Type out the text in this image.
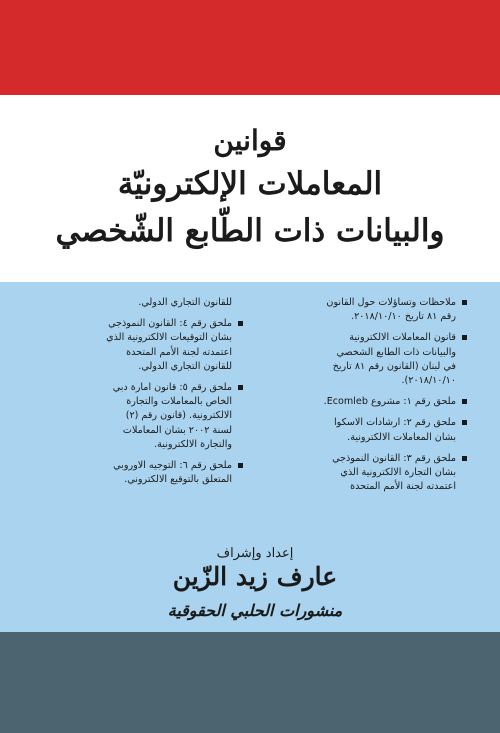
قوانين
المعاملات الإلكترونيّة
والبيانات ذات الطّابع الشّخصي
ملاحظات وتساؤلات حول القانون
رقم ٨١ تاريخ ٢٠١٨/١٠/١٠.
قانون المعاملات الالكترونية
والبيانات ذات الطابع الشخصي
في لبنان (القانون رقم ٨١ تاريخ
٢٠١٨/١٠/١٠).
ملحق رقم ١: مشروع Ecomleb.
ملحق رقم ٢: ارشادات الاسكوا
بشان المعاملات الالكترونية.
ملحق رقم ٣: القانون النموذجي
بشان التجارة الالكترونية الذي
اعتمدته لجنة الأمم المتحدة
للقانون التجاري الدولي.
ملحق رقم ٤: القانون النموذجي
بشان التوقيعات الالكترونية الذي
اعتمدته لجنة الأمم المتحدة
للقانون التجاري الدولي.
ملحق رقم ٥: قانون امارة دبي
الخاص بالمعاملات والتجارة
الالكترونية. (قانون رقم (٢)
لسنة ٢٠٠٢ بشان المعاملات
والتجارة الالكترونية.
ملحق رقم ٦: التوجيه الاوروبي
المتعلق بالتوقيع الالكتروني.
إعداد وإشراف
عارف زيد الزّين
منشورات الحلبي الحقوقية
